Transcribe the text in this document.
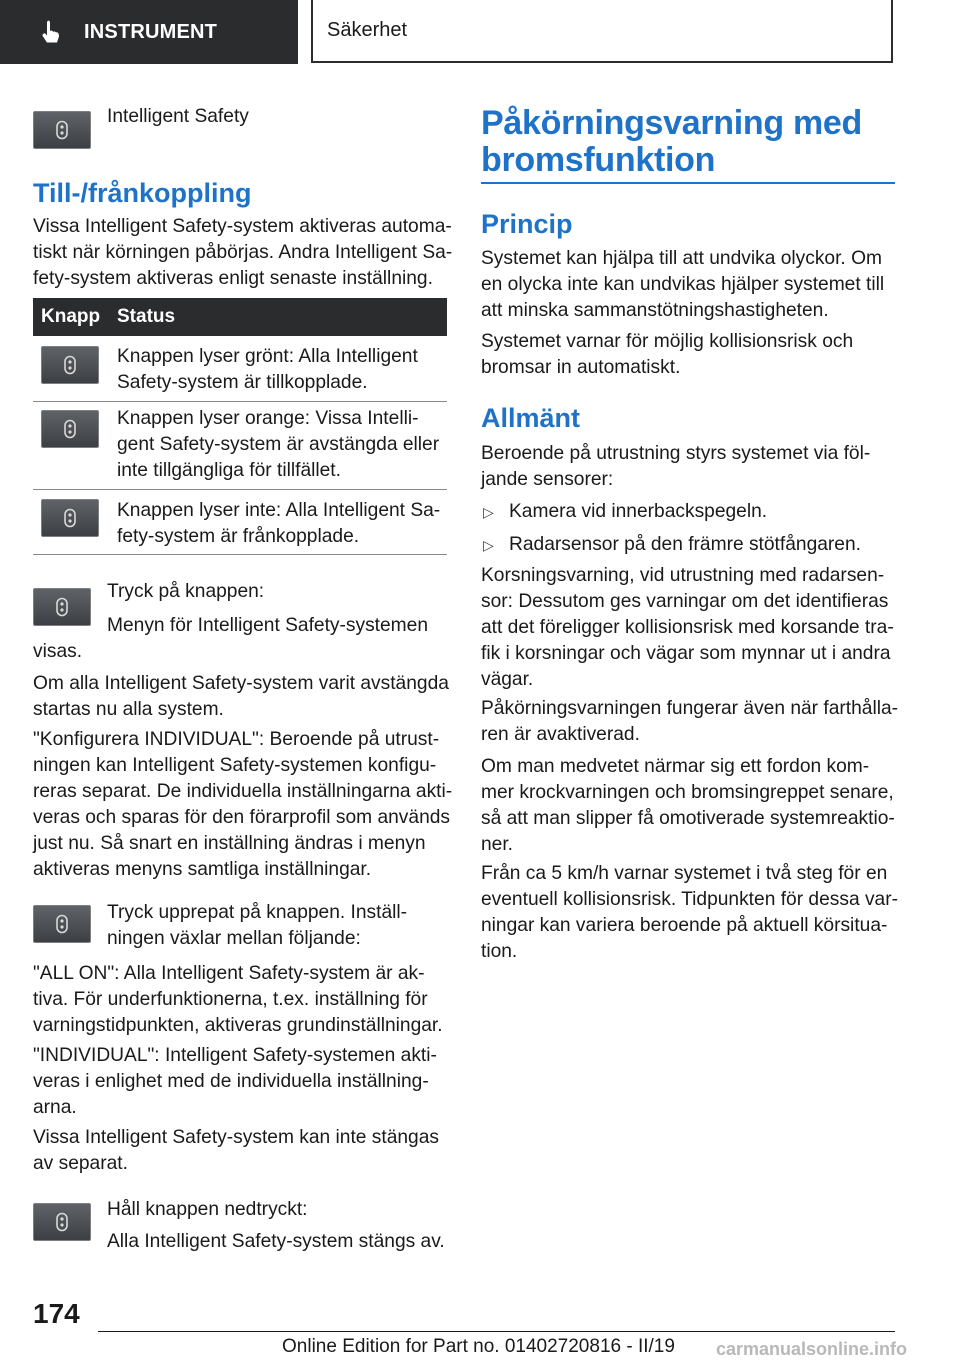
INSTRUMENT	Säkerhet

Intelligent Safety

Till-/frånkoppling

Vissa Intelligent Safety-system aktiveras automa‐

tiskt när körningen påbörjas. Andra Intelligent Sa‐

fety-system aktiveras enligt senaste inställning.

Knapp Status

Knappen lyser grönt: Alla Intelligent

Safety-system är tillkopplade.

Knappen lyser orange: Vissa Intelli‐

gent Safety-system är avstängda eller

inte tillgängliga för tillfället.

Knappen lyser inte: Alla Intelligent Sa‐

fety-system är frånkopplade.

Tryck på knappen:

Menyn för Intelligent Safety-systemen

visas.

Om alla Intelligent Safety-system varit avstängda

startas nu alla system.

"Konfigurera INDIVIDUAL": Beroende på utrust‐

ningen kan Intelligent Safety-systemen konfigu‐

reras separat. De individuella inställningarna akti‐

veras och sparas för den förarprofil som används

just nu. Så snart en inställning ändras i menyn

aktiveras menyns samtliga inställningar.

Tryck upprepat på knappen. Inställ‐

ningen växlar mellan följande:

"ALL ON": Alla Intelligent Safety-system är ak‐

tiva. För underfunktionerna, t.ex. inställning för

varningstidpunkten, aktiveras grundinställningar.

"INDIVIDUAL": Intelligent Safety-systemen akti‐

veras i enlighet med de individuella inställning‐

arna.

Vissa Intelligent Safety-system kan inte stängas

av separat.

Håll knappen nedtryckt:

Alla Intelligent Safety-system stängs av.

Påkörningsvarning med
bromsfunktion
Princip

Systemet kan hjälpa till att undvika olyckor. Om

en olycka inte kan undvikas hjälper systemet till

att minska sammanstötningshastigheten.

Systemet varnar för möjlig kollisionsrisk och

bromsar in automatiskt.

Allmänt

Beroende på utrustning styrs systemet via föl‐

jande sensorer:

▷ Kamera vid innerbackspegeln.

▷ Radarsensor på den främre stötfångaren.

Korsningsvarning, vid utrustning med radarsen‐

sor: Dessutom ges varningar om det identifieras

att det föreligger kollisionsrisk med korsande tra‐

fik i korsningar och vägar som mynnar ut i andra

vägar.

Påkörningsvarningen fungerar även när farthålla‐

ren är avaktiverad.

Om man medvetet närmar sig ett fordon kom‐

mer krockvarningen och bromsingreppet senare,

så att man slipper få omotiverade systemreaktio‐

ner.

Från ca 5 km/h varnar systemet i två steg för en

eventuell kollisionsrisk. Tidpunkten för dessa var‐

ningar kan variera beroende på aktuell körsitua‐

tion.

174
Online Edition for Part no. 01402720816 - II/19 carmanualsonline.info
